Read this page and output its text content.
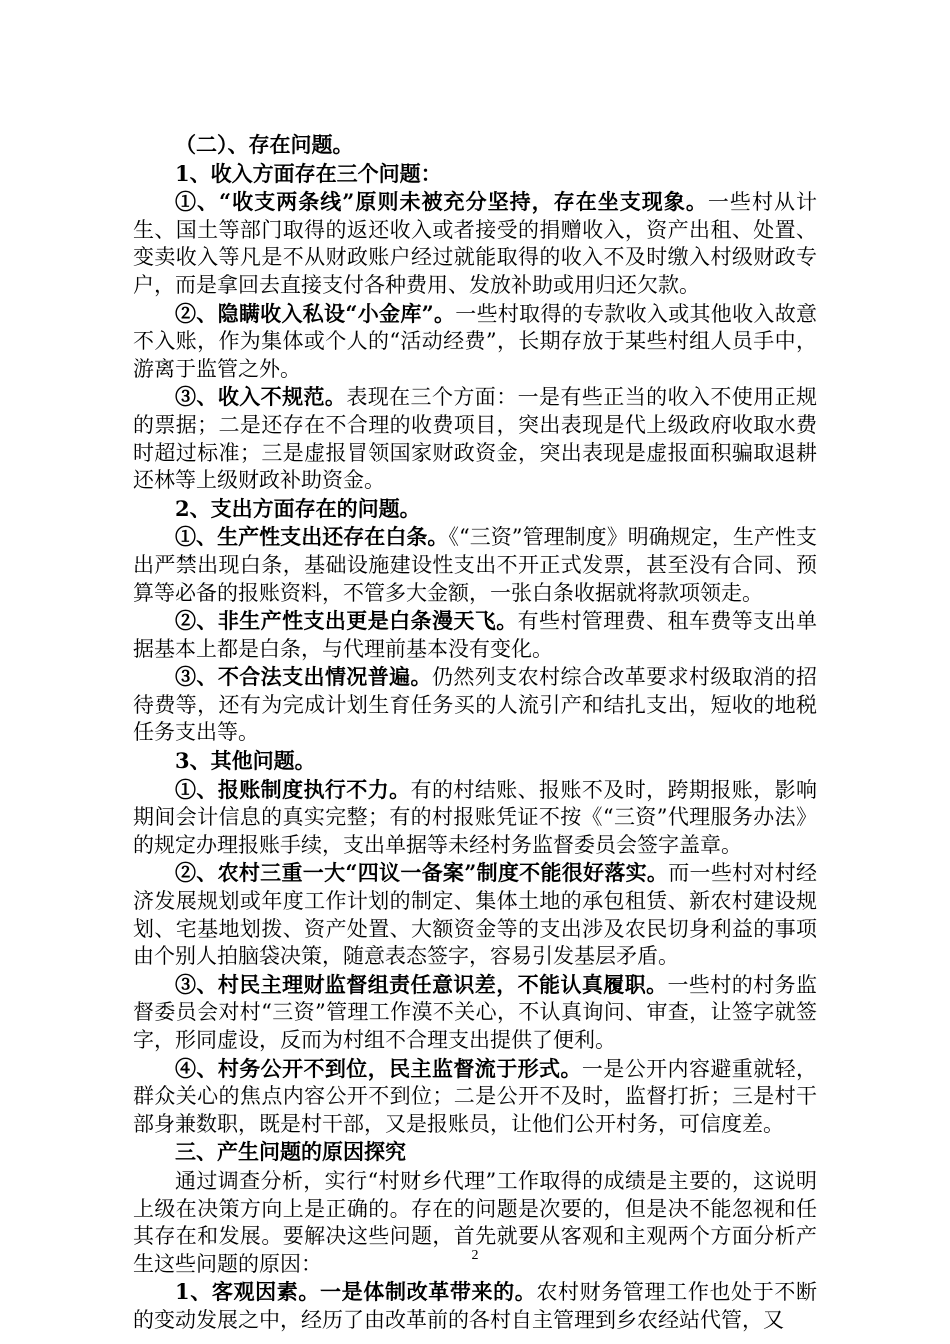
（二）、存在问题。

1、收入方面存在三个问题：

①、“收支两条线”原则未被充分坚持，存在坐支现象。一些村从计生、国土等部门取得的返还收入或者接受的捐赠收入，资产出租、处置、变卖收入等凡是不从财政账户经过就能取得的收入不及时缴入村级财政专户，而是拿回去直接支付各种费用、发放补助或用归还欠款。

②、隐瞒收入私设“小金库”。一些村取得的专款收入或其他收入故意不入账，作为集体或个人的“活动经费”，长期存放于某些村组人员手中，游离于监管之外。

③、收入不规范。表现在三个方面：一是有些正当的收入不使用正规的票据；二是还存在不合理的收费项目，突出表现是代上级政府收取水费时超过标准；三是虚报冒领国家财政资金，突出表现是虚报面积骗取退耕还林等上级财政补助资金。

2、支出方面存在的问题。

①、生产性支出还存在白条。《“三资”管理制度》明确规定，生产性支出严禁出现白条，基础设施建设性支出不开正式发票，甚至没有合同、预算等必备的报账资料，不管多大金额，一张白条收据就将款项领走。

②、非生产性支出更是白条漫天飞。有些村管理费、租车费等支出单据基本上都是白条，与代理前基本没有变化。

③、不合法支出情况普遍。仍然列支农村综合改革要求村级取消的招待费等，还有为完成计划生育任务买的人流引产和结扎支出，短收的地税任务支出等。

3、其他问题。

①、报账制度执行不力。有的村结账、报账不及时，跨期报账，影响期间会计信息的真实完整；有的村报账凭证不按《“三资”代理服务办法》的规定办理报账手续，支出单据等未经村务监督委员会签字盖章。

②、农村三重一大“四议一备案”制度不能很好落实。而一些村对村经济发展规划或年度工作计划的制定、集体土地的承包租赁、新农村建设规划、宅基地划拨、资产处置、大额资金等的支出涉及农民切身利益的事项由个别人拍脑袋决策，随意表态签字，容易引发基层矛盾。

③、村民主理财监督组责任意识差，不能认真履职。一些村的村务监督委员会对村“三资”管理工作漠不关心，不认真询问、审查，让签字就签字，形同虚设，反而为村组不合理支出提供了便利。

④、村务公开不到位，民主监督流于形式。一是公开内容避重就轻，群众关心的焦点内容公开不到位；二是公开不及时，监督打折；三是村干部身兼数职，既是村干部，又是报账员，让他们公开村务，可信度差。

三、产生问题的原因探究

通过调查分析，实行“村财乡代理”工作取得的成绩是主要的，这说明上级在决策方向上是正确的。存在的问题是次要的，但是决不能忽视和任其存在和发展。要解决这些问题，首先就要从客观和主观两个方面分析产生这些问题的原因：

1、客观因素。一是体制改革带来的。农村财务管理工作也处于不断的变动发展之中，经历了由改革前的各村自主管理到乡农经站代管，又

2
